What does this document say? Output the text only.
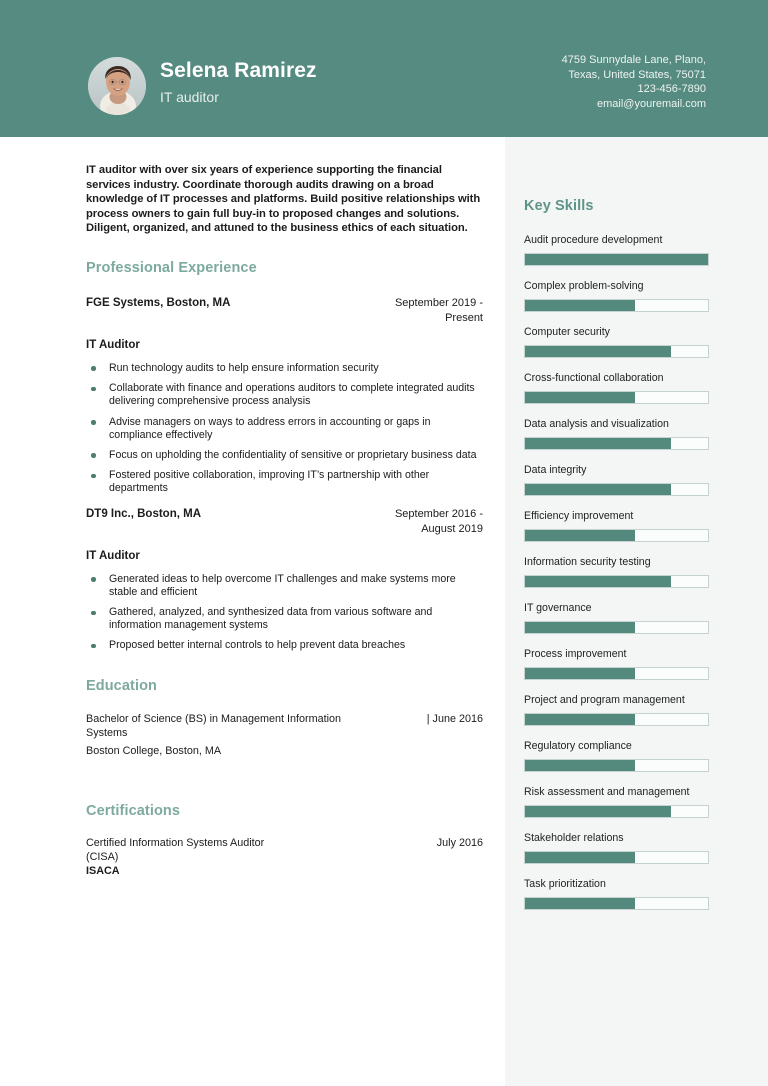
Selena Ramirez
IT auditor
4759 Sunnydale Lane, Plano,
Texas, United States, 75071
123-456-7890
email@youremail.com
IT auditor with over six years of experience supporting the financial services industry. Coordinate thorough audits drawing on a broad knowledge of IT processes and platforms. Build positive relationships with process owners to gain full buy-in to proposed changes and solutions. Diligent, organized, and attuned to the business ethics of each situation.
Professional Experience
FGE Systems, Boston, MA	September 2019 - Present
IT Auditor
Run technology audits to help ensure information security
Collaborate with finance and operations auditors to complete integrated audits delivering comprehensive process analysis
Advise managers on ways to address errors in accounting or gaps in compliance effectively
Focus on upholding the confidentiality of sensitive or proprietary business data
Fostered positive collaboration, improving IT’s partnership with other departments
DT9 Inc., Boston, MA	September 2016 - August 2019
IT Auditor
Generated ideas to help overcome IT challenges and make systems more stable and efficient
Gathered, analyzed, and synthesized data from various software and information management systems
Proposed better internal controls to help prevent data breaches
Education
Bachelor of Science (BS) in Management Information Systems
| June 2016
Boston College, Boston, MA
Certifications
Certified Information Systems Auditor (CISA)
July 2016
ISACA
Key Skills
Audit procedure development
Complex problem-solving
Computer security
Cross-functional collaboration
Data analysis and visualization
Data integrity
Efficiency improvement
Information security testing
IT governance
Process improvement
Project and program management
Regulatory compliance
Risk assessment and management
Stakeholder relations
Task prioritization
